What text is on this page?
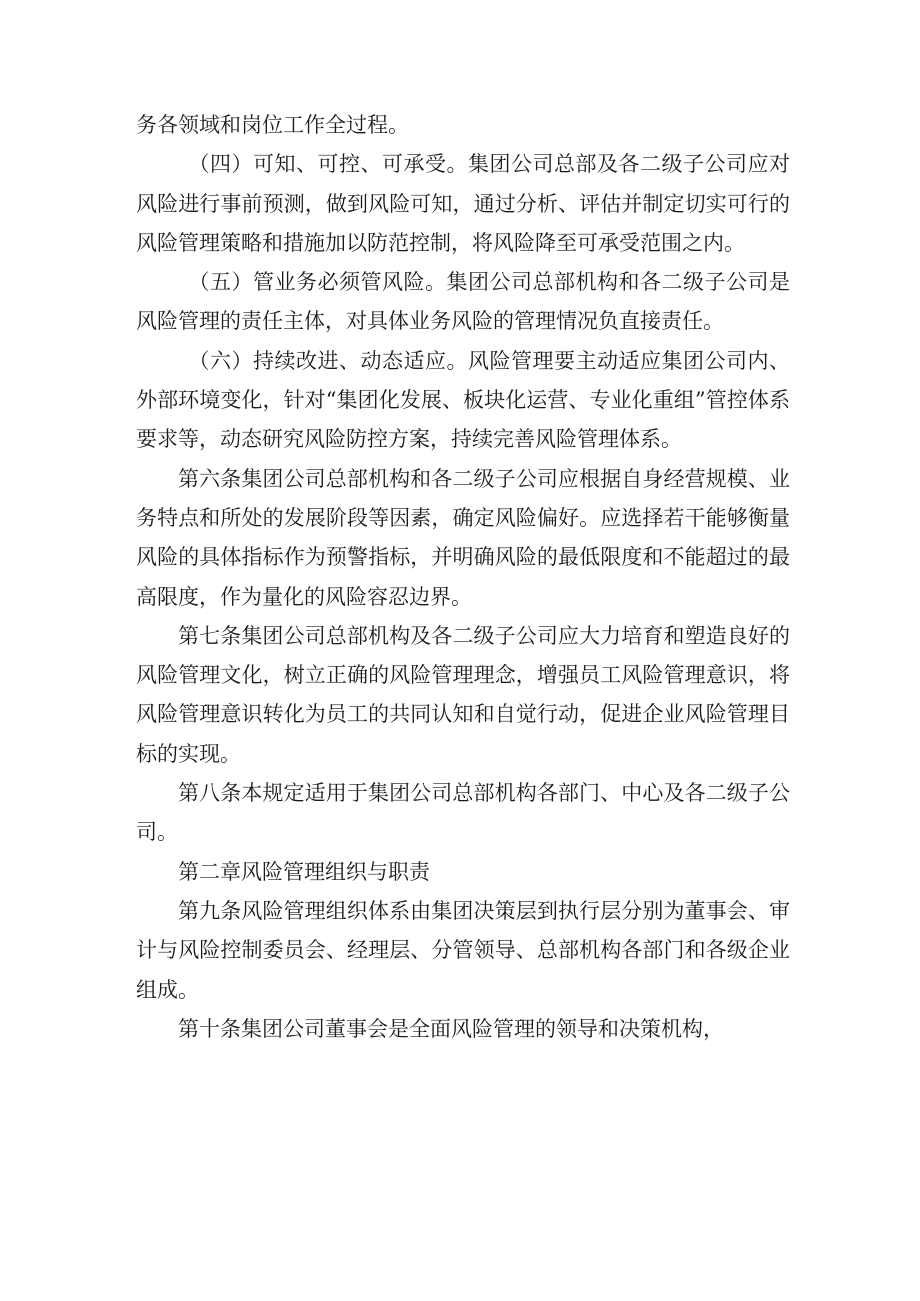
务各领域和岗位工作全过程。

（四）可知、可控、可承受。集团公司总部及各二级子公司应对风险进行事前预测，做到风险可知，通过分析、评估并制定切实可行的风险管理策略和措施加以防范控制，将风险降至可承受范围之内。

（五）管业务必须管风险。集团公司总部机构和各二级子公司是风险管理的责任主体，对具体业务风险的管理情况负直接责任。

（六）持续改进、动态适应。风险管理要主动适应集团公司内、外部环境变化，针对“集团化发展、板块化运营、专业化重组”管控体系要求等，动态研究风险防控方案，持续完善风险管理体系。

第六条集团公司总部机构和各二级子公司应根据自身经营规模、业务特点和所处的发展阶段等因素，确定风险偏好。应选择若干能够衡量风险的具体指标作为预警指标，并明确风险的最低限度和不能超过的最高限度，作为量化的风险容忍边界。

第七条集团公司总部机构及各二级子公司应大力培育和塑造良好的风险管理文化，树立正确的风险管理理念，增强员工风险管理意识，将风险管理意识转化为员工的共同认知和自觉行动，促进企业风险管理目标的实现。

第八条本规定适用于集团公司总部机构各部门、中心及各二级子公司。

第二章风险管理组织与职责

第九条风险管理组织体系由集团决策层到执行层分别为董事会、审计与风险控制委员会、经理层、分管领导、总部机构各部门和各级企业组成。

第十条集团公司董事会是全面风险管理的领导和决策机构，
